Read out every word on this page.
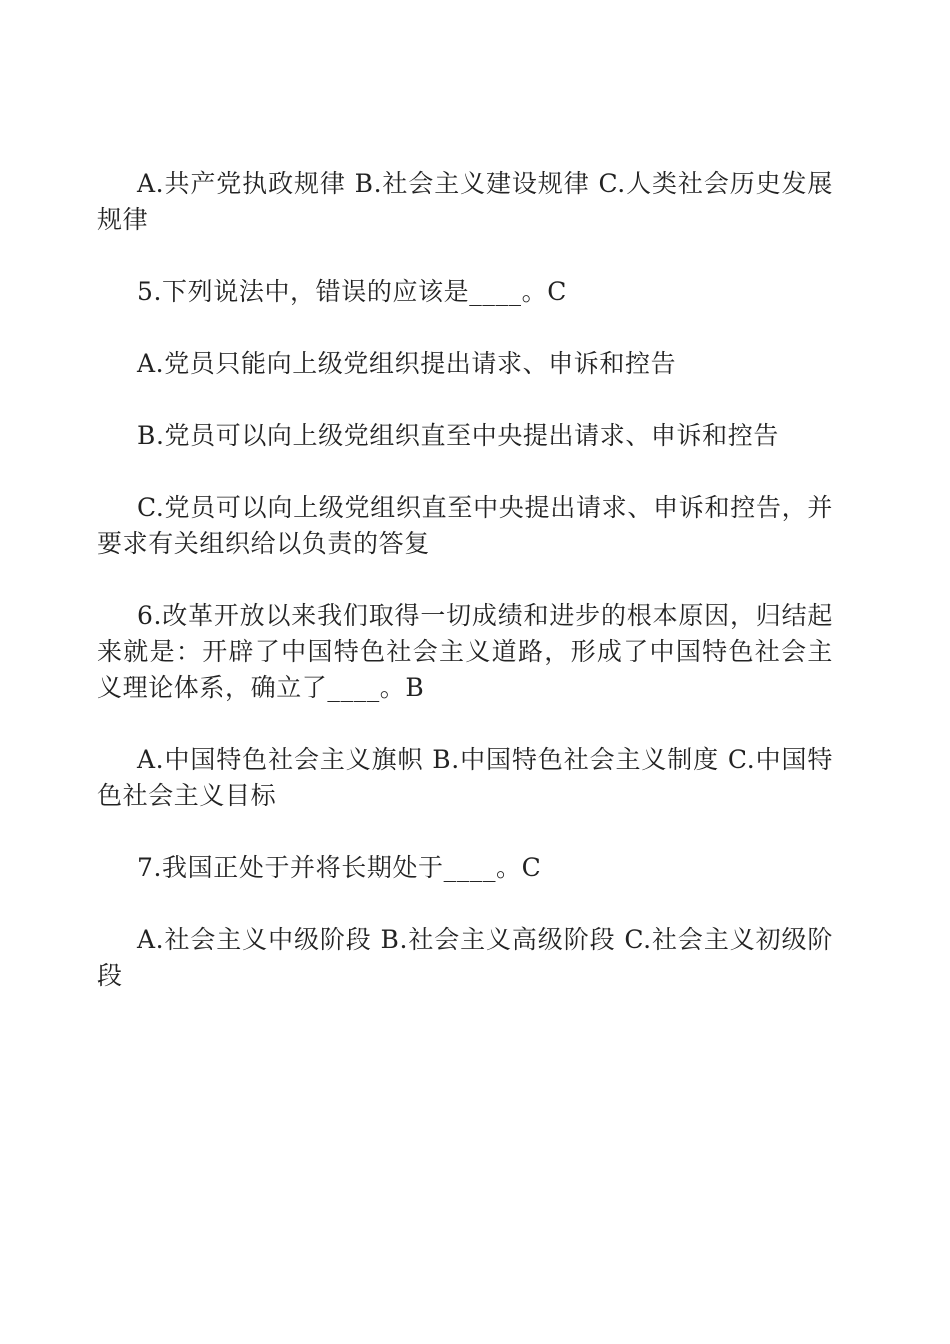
A.共产党执政规律 B.社会主义建设规律 C.人类社会历史发展规律

5.下列说法中，错误的应该是____。C

A.党员只能向上级党组织提出请求、申诉和控告

B.党员可以向上级党组织直至中央提出请求、申诉和控告

C.党员可以向上级党组织直至中央提出请求、申诉和控告，并要求有关组织给以负责的答复

6.改革开放以来我们取得一切成绩和进步的根本原因，归结起来就是：开辟了中国特色社会主义道路，形成了中国特色社会主义理论体系，确立了____。B

A.中国特色社会主义旗帜 B.中国特色社会主义制度 C.中国特色社会主义目标

7.我国正处于并将长期处于____。C

A.社会主义中级阶段 B.社会主义高级阶段 C.社会主义初级阶段
